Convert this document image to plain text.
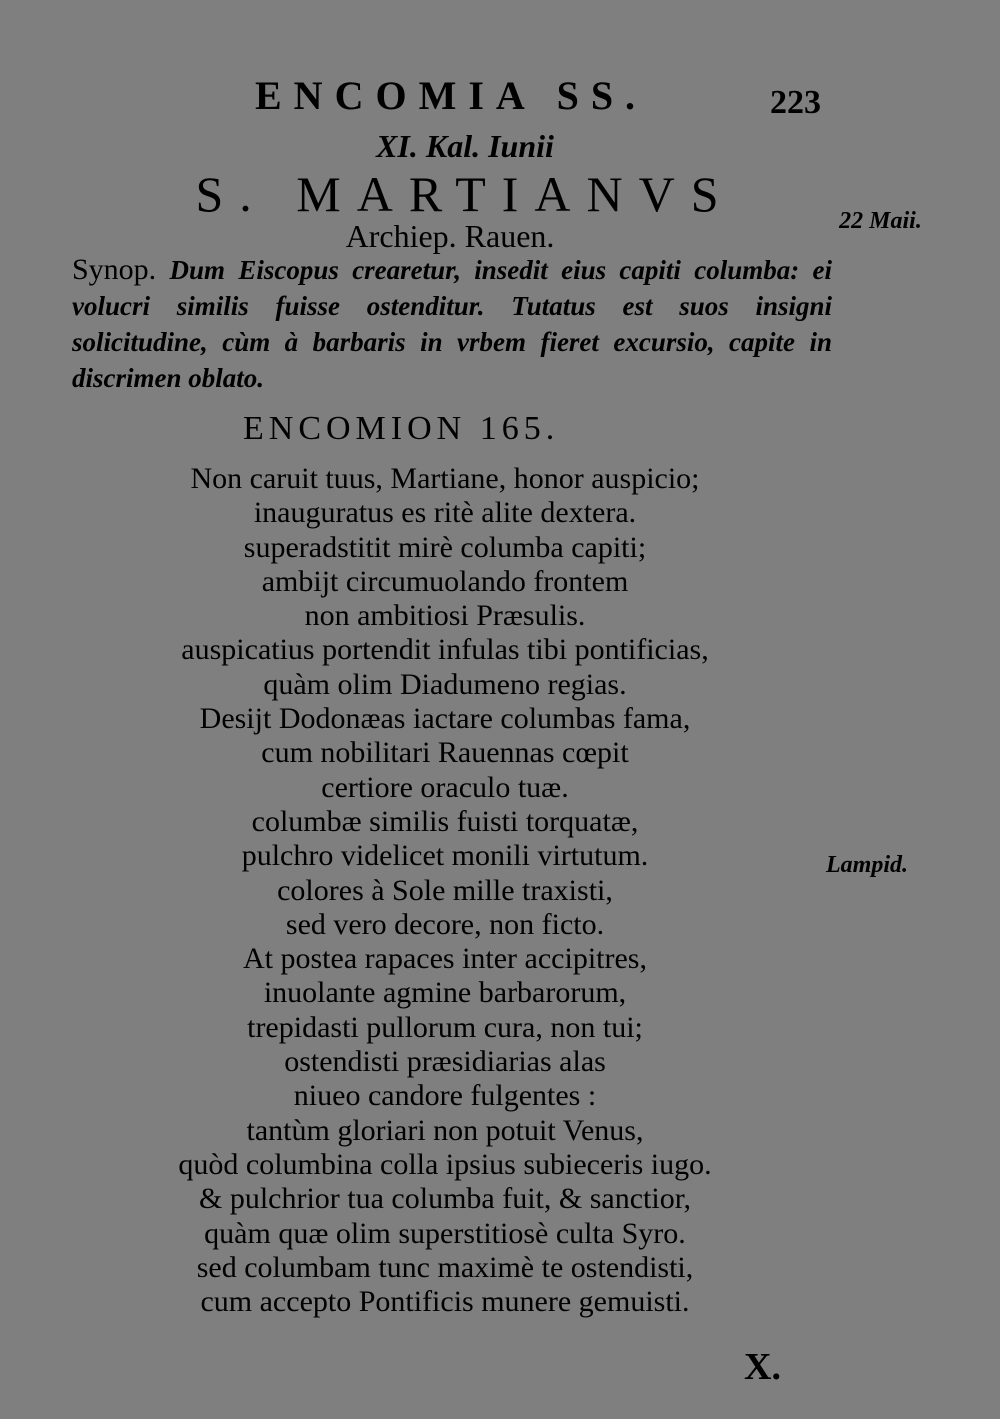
ENCOMIA SS.	223
XI. Kal. Iunii
S. MARTIANVS
Archiep. Rauen.	22 Maii.
Synop. Dum Eiscopus crearetur, insedit eius capiti columba: ei volucri similis fuisse ostenditur. Tutatus est suos insigni solicitudine, cùm à barbaris in vrbem fieret excursio, capite in discrimen oblato.
ENCOMION 165.
Non caruit tuus, Martiane, honor auspicio;
inauguratus es ritè alite dextera.
superadstitit mirè columba capiti;
ambijt circumuolando frontem
non ambitiosi Præsulis.
auspicatius portendit infulas tibi pontificias,
quàm olim Diadumeno regias.
Desijt Dodonæas iactare columbas fama,
cum nobilitari Rauennas cœpit
certiore oraculo tuæ.
columbæ similis fuisti torquatæ,
pulchro videlicet monili virtutum.
colores à Sole mille traxisti,
sed vero decore, non ficto.
At postea rapaces inter accipitres,
inuolante agmine barbarorum,
trepidasti pullorum cura, non tui;
ostendisti præsidiarias alas
niueo candore fulgentes :
tantùm gloriari non potuit Venus,
quòd columbina colla ipsius subieceris iugo.
& pulchrior tua columba fuit, & sanctior,
quàm quæ olim superstitiosè culta Syro.
sed columbam tunc maximè te ostendisti,
cum accepto Pontificis munere gemuisti.
Lampid.
X.
